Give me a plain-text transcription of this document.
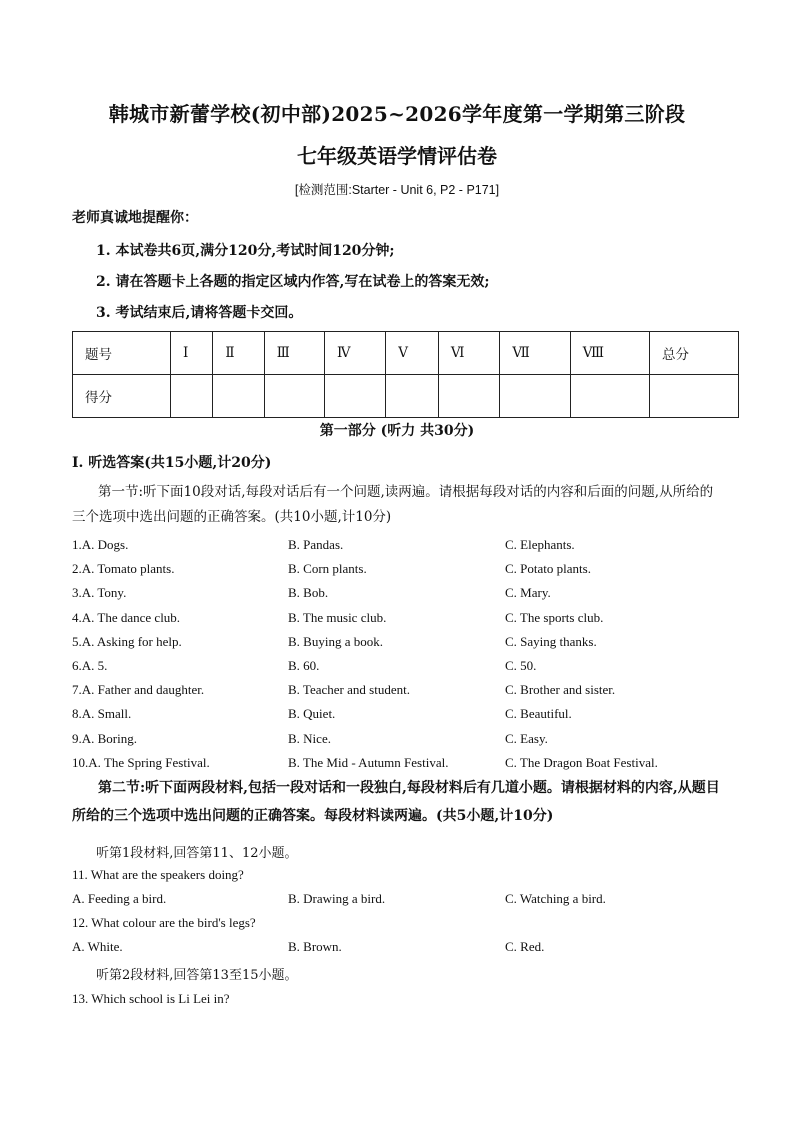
韩城市新蕾学校(初中部)2025~2026学年度第一学期第三阶段
七年级英语学情评估卷
[检测范围:Starter - Unit 6, P2 - P171]
老师真诚地提醒你：
1. 本试卷共6页,满分120分,考试时间120分钟;
2. 请在答题卡上各题的指定区域内作答,写在试卷上的答案无效;
3. 考试结束后,请将答题卡交回。
题号	Ⅰ	Ⅱ	Ⅲ	Ⅳ	Ⅴ	Ⅵ	Ⅶ	Ⅷ	总分
得分									
第一部分 (听力 共30分)
Ⅰ. 听选答案(共15小题,计20分)
第一节:听下面10段对话,每段对话后有一个问题,读两遍。请根据每段对话的内容和后面的问题,从所给的三个选项中选出问题的正确答案。(共10小题,计10分)
1.A. Dogs.	B. Pandas.	C. Elephants.
2.A. Tomato plants.	B. Corn plants.	C. Potato plants.
3.A. Tony.	B. Bob.	C. Mary.
4.A. The dance club.	B. The music club.	C. The sports club.
5.A. Asking for help.	B. Buying a book.	C. Saying thanks.
6.A. 5.	B. 60.	C. 50.
7.A. Father and daughter.	B. Teacher and student.	C. Brother and sister.
8.A. Small.	B. Quiet.	C. Beautiful.
9.A. Boring.	B. Nice.	C. Easy.
10.A. The Spring Festival.	B. The Mid - Autumn Festival.	C. The Dragon Boat Festival.
第二节:听下面两段材料,包括一段对话和一段独白,每段材料后有几道小题。请根据材料的内容,从题目所给的三个选项中选出问题的正确答案。每段材料读两遍。(共5小题,计10分)
听第1段材料,回答第11、12小题。
11. What are the speakers doing?
A. Feeding a bird.	B. Drawing a bird.	C. Watching a bird.
12. What colour are the bird's legs?
A. White.	B. Brown.	C. Red.
听第2段材料,回答第13至15小题。
13. Which school is Li Lei in?
